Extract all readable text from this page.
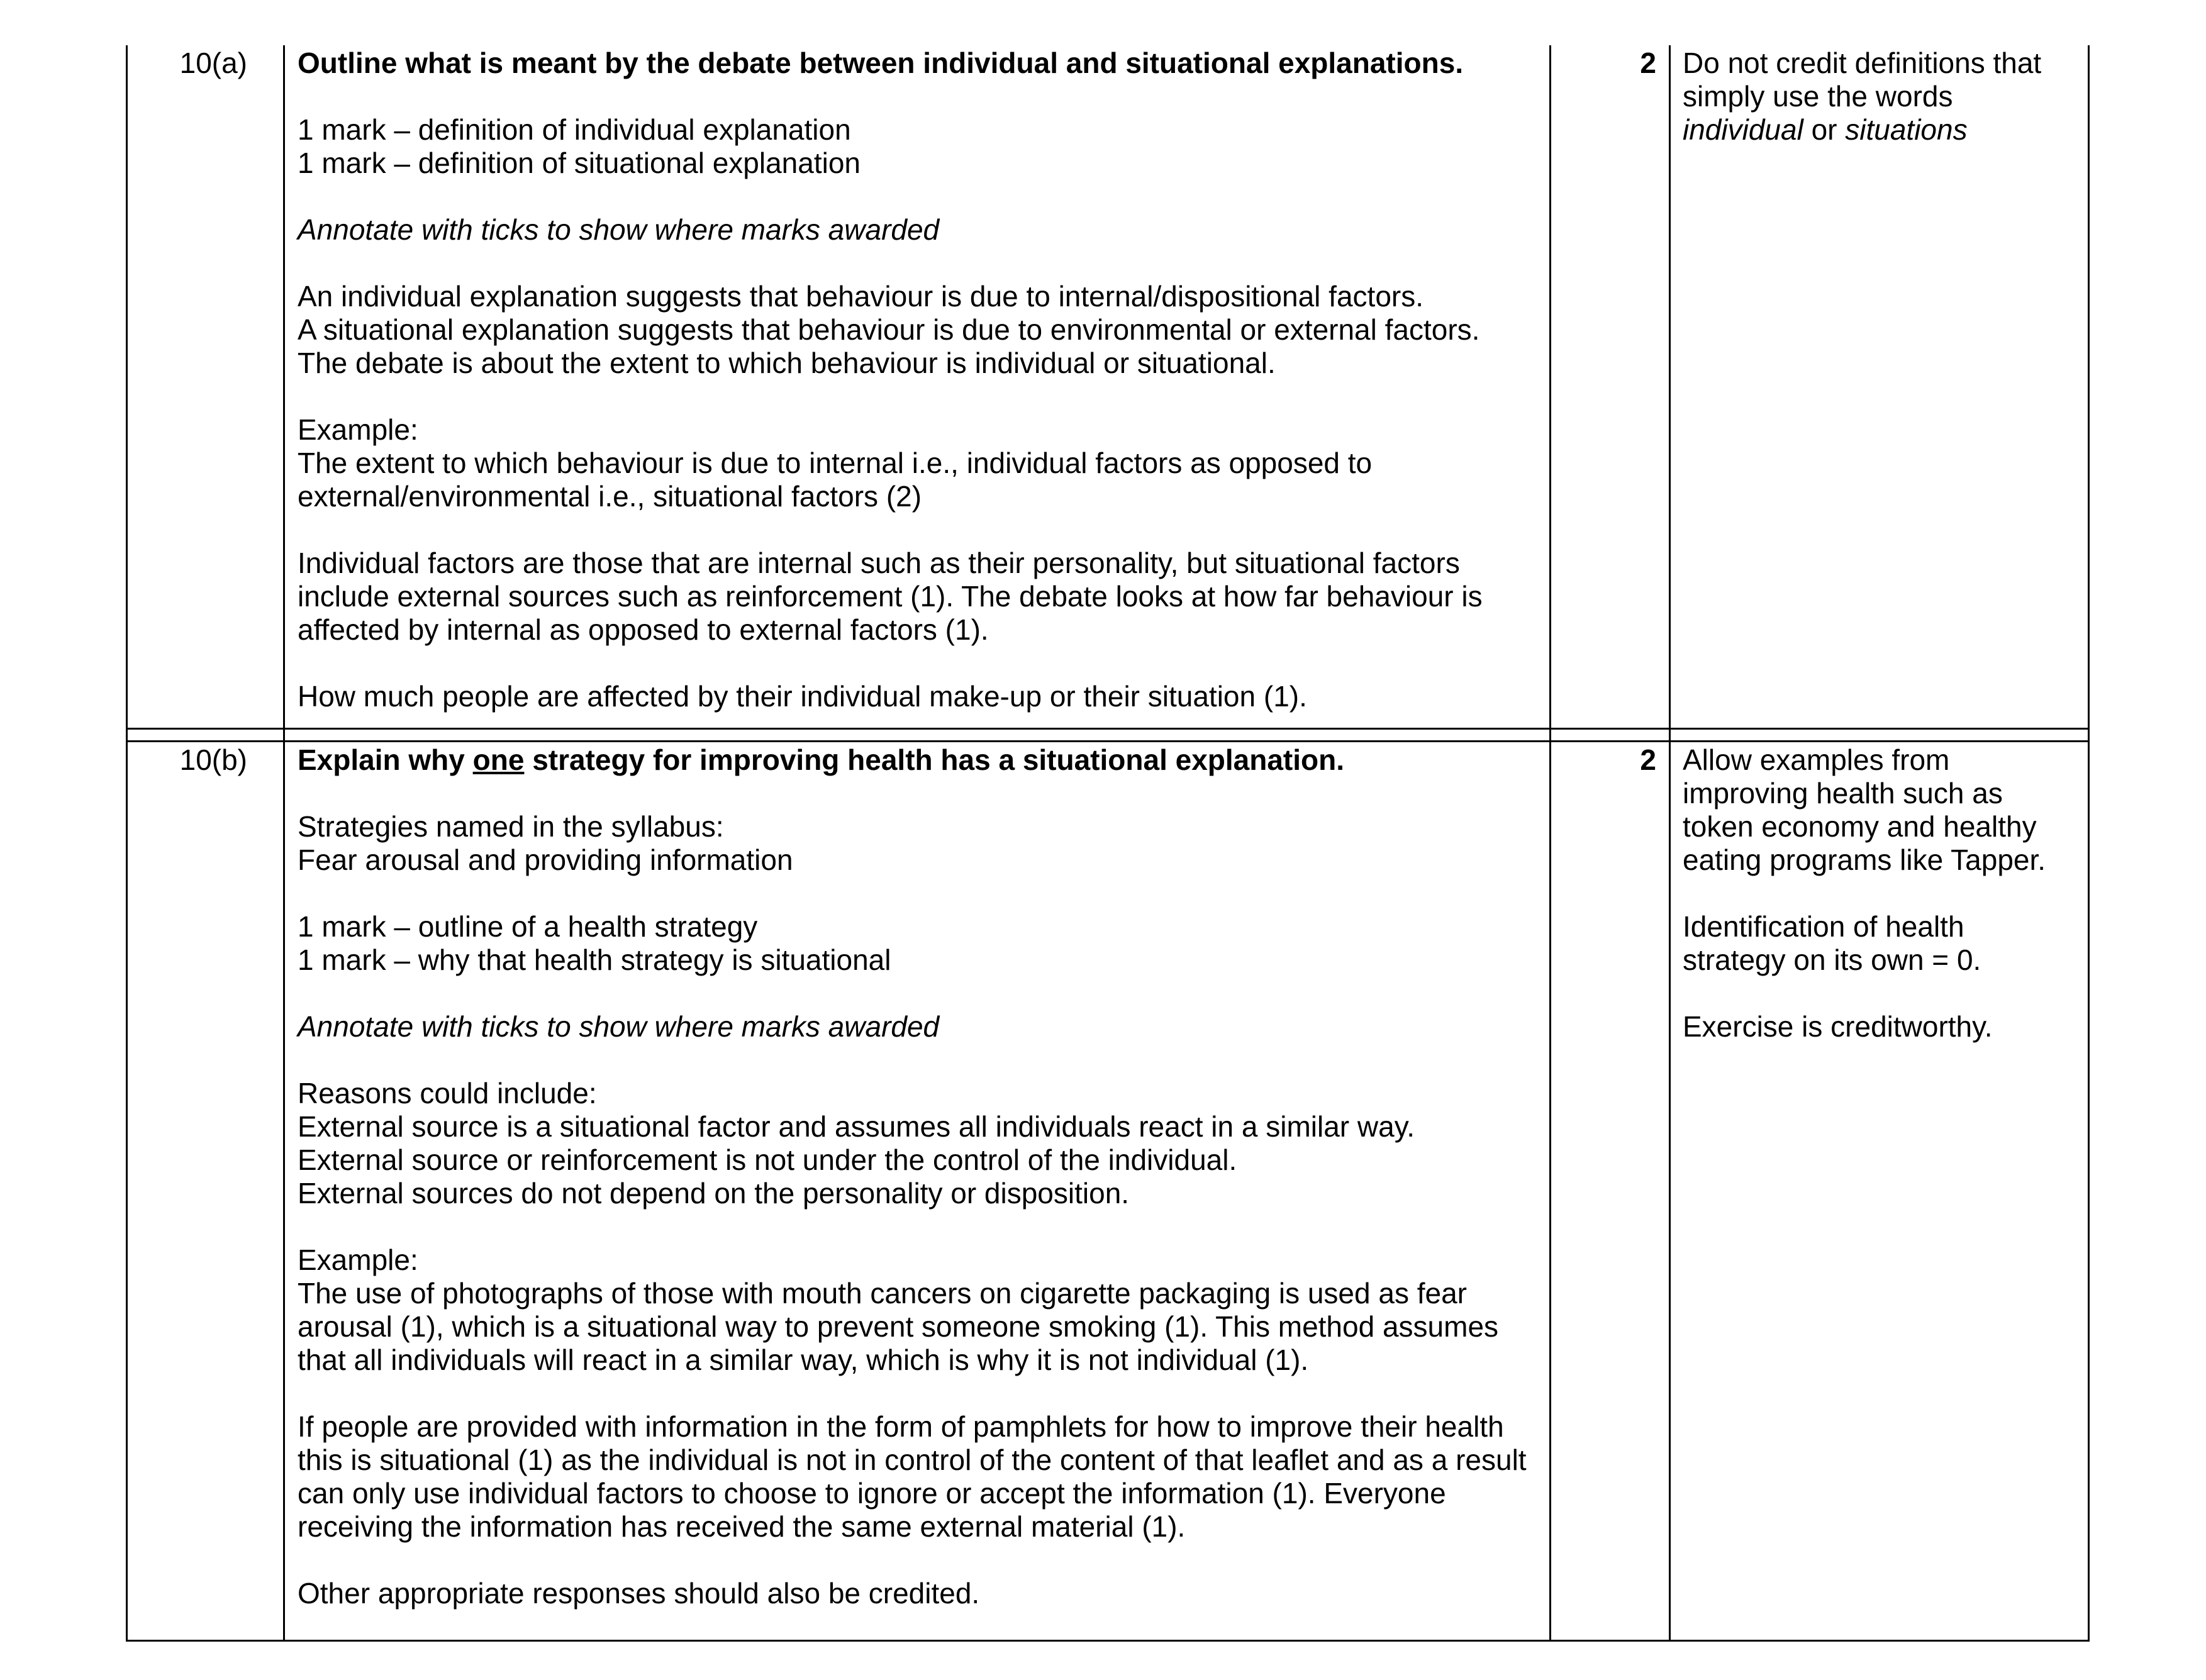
10(a) Outline what is meant by the debate between individual and situational explanations.

1 mark – definition of individual explanation
1 mark – definition of situational explanation

Annotate with ticks to show where marks awarded

An individual explanation suggests that behaviour is due to internal/dispositional factors.
A situational explanation suggests that behaviour is due to environmental or external factors.
The debate is about the extent to which behaviour is individual or situational.

Example:
The extent to which behaviour is due to internal i.e., individual factors as opposed to
external/environmental i.e., situational factors (2)

Individual factors are those that are internal such as their personality, but situational factors
include external sources such as reinforcement (1). The debate looks at how far behaviour is
affected by internal as opposed to external factors (1).

How much people are affected by their individual make-up or their situation (1).

2 Do not credit definitions that
simply use the words
individual or situations
10(b) Explain why one strategy for improving health has a situational explanation.

Strategies named in the syllabus:
Fear arousal and providing information

1 mark – outline of a health strategy
1 mark – why that health strategy is situational

Annotate with ticks to show where marks awarded

Reasons could include:
External source is a situational factor and assumes all individuals react in a similar way.
External source or reinforcement is not under the control of the individual.
External sources do not depend on the personality or disposition.

Example:
The use of photographs of those with mouth cancers on cigarette packaging is used as fear
arousal (1), which is a situational way to prevent someone smoking (1). This method assumes
that all individuals will react in a similar way, which is why it is not individual (1).

If people are provided with information in the form of pamphlets for how to improve their health
this is situational (1) as the individual is not in control of the content of that leaflet and as a result
can only use individual factors to choose to ignore or accept the information (1). Everyone
receiving the information has received the same external material (1).

Other appropriate responses should also be credited.

2 Allow examples from
improving health such as
token economy and healthy
eating programs like Tapper.

Identification of health
strategy on its own = 0.

Exercise is creditworthy.
